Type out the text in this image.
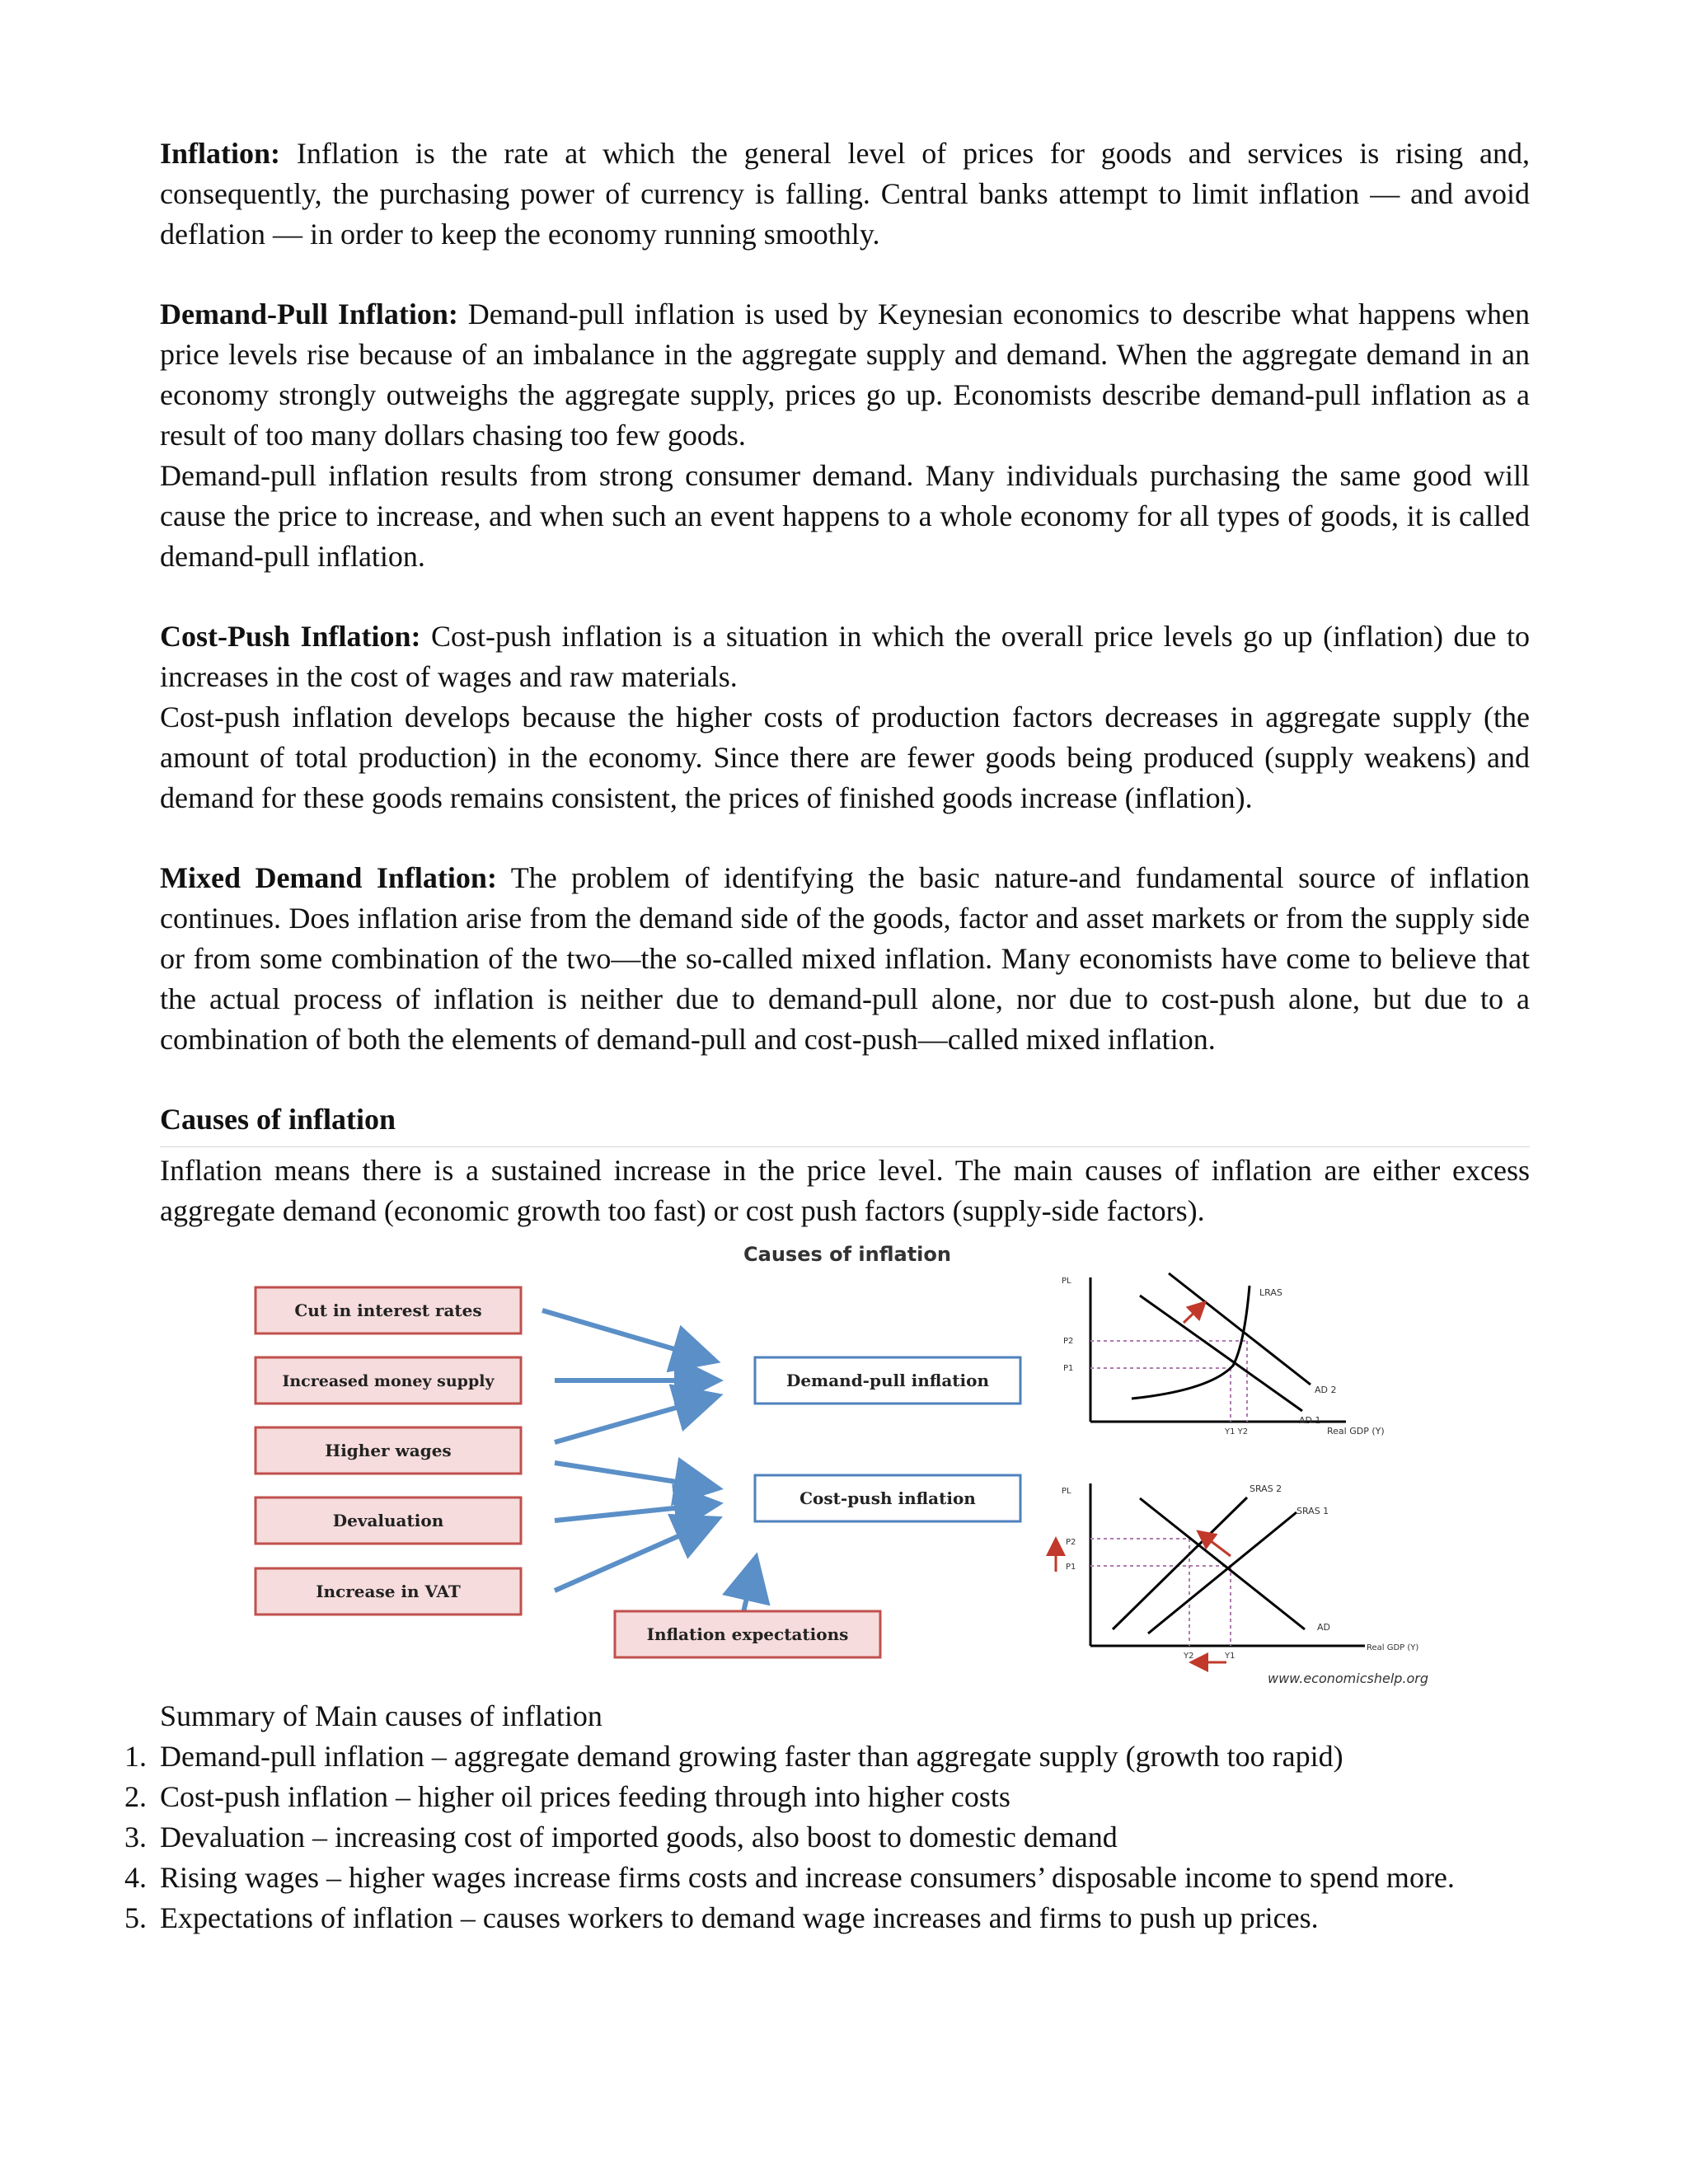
Inflation: Inflation is the rate at which the general level of prices for goods and services is rising and, consequently, the purchasing power of currency is falling. Central banks attempt to limit inflation — and avoid deflation — in order to keep the economy running smoothly.

Demand-Pull Inflation: Demand-pull inflation is used by Keynesian economics to describe what happens when price levels rise because of an imbalance in the aggregate supply and demand. When the aggregate demand in an economy strongly outweighs the aggregate supply, prices go up. Economists describe demand-pull inflation as a result of too many dollars chasing too few goods.

Demand-pull inflation results from strong consumer demand. Many individuals purchasing the same good will cause the price to increase, and when such an event happens to a whole economy for all types of goods, it is called demand-pull inflation.

Cost-Push Inflation: Cost-push inflation is a situation in which the overall price levels go up (inflation) due to increases in the cost of wages and raw materials.

Cost-push inflation develops because the higher costs of production factors decreases in aggregate supply (the amount of total production) in the economy. Since there are fewer goods being produced (supply weakens) and demand for these goods remains consistent, the prices of finished goods increase (inflation).

Mixed Demand Inflation: The problem of identifying the basic nature-and fundamental source of inflation continues. Does inflation arise from the demand side of the goods, factor and asset markets or from the supply side or from some combination of the two—the so-called mixed inflation. Many economists have come to believe that the actual process of inflation is neither due to demand-pull alone, nor due to cost-push alone, but due to a combination of both the elements of demand-pull and cost-push—called mixed inflation.

Causes of inflation

Inflation means there is a sustained increase in the price level. The main causes of inflation are either excess aggregate demand (economic growth too fast) or cost push factors (supply-side factors).

Causes of inflation
Cut in interest rates
Increased money supply
Higher wages
Devaluation
Increase in VAT
Demand-pull inflation
Cost-push inflation
Inflation expectations
PL
P2
P1
LRAS
AD 2
AD 1
Y1 Y2	Real GDP (Y)
PL
P2
P1
SRAS 2
SRAS 1
AD
Y2	Y1
Real GDP (Y)
www.economicshelp.org
Summary of Main causes of inflation
1. Demand-pull inflation – aggregate demand growing faster than aggregate supply (growth too rapid)
2. Cost-push inflation – higher oil prices feeding through into higher costs
3. Devaluation – increasing cost of imported goods, also boost to domestic demand
4. Rising wages – higher wages increase firms costs and increase consumers’ disposable income to spend more.
5. Expectations of inflation – causes workers to demand wage increases and firms to push up prices.
